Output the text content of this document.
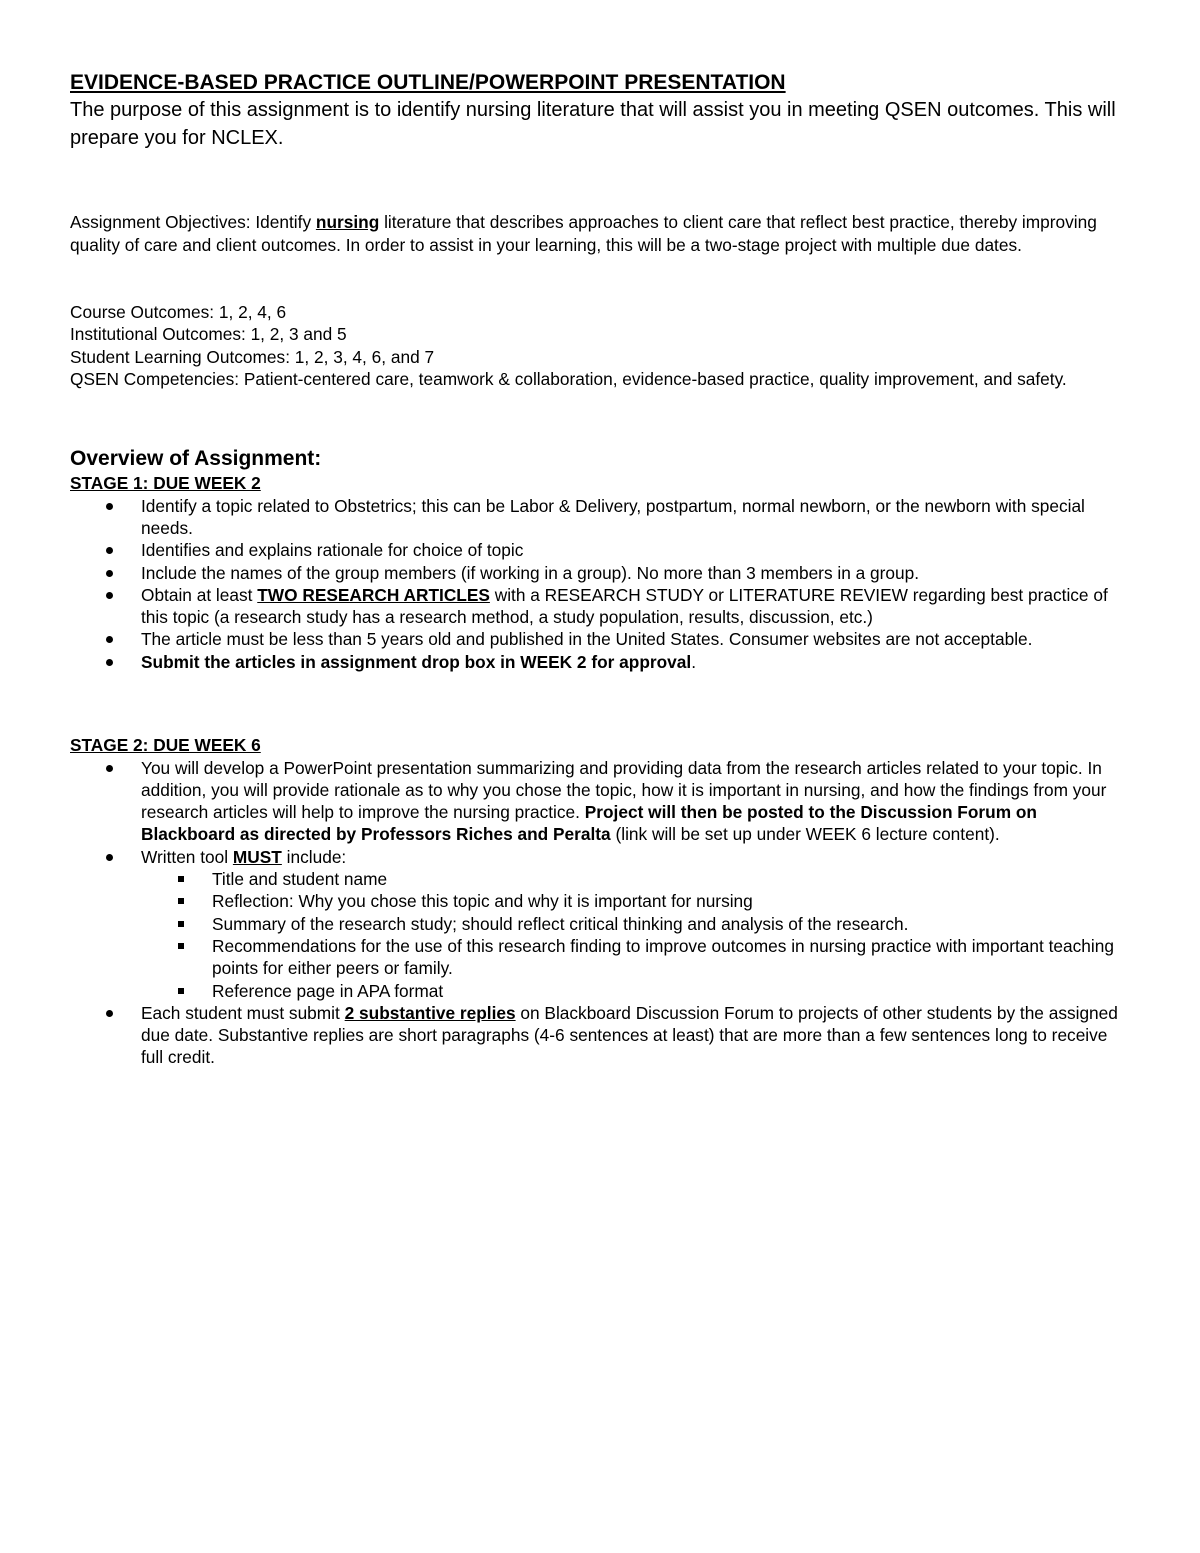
EVIDENCE-BASED PRACTICE OUTLINE/POWERPOINT PRESENTATION

The purpose of this assignment is to identify nursing literature that will assist you in meeting QSEN outcomes. This will prepare you for NCLEX.

Assignment Objectives: Identify nursing literature that describes approaches to client care that reflect best practice, thereby improving quality of care and client outcomes. In order to assist in your learning, this will be a two-stage project with multiple due dates.

Course Outcomes: 1, 2, 4, 6
Institutional Outcomes: 1, 2, 3 and 5
Student Learning Outcomes: 1, 2, 3, 4, 6, and 7
QSEN Competencies: Patient-centered care, teamwork & collaboration, evidence-based practice, quality improvement, and safety.
Overview of Assignment:
STAGE 1: DUE WEEK 2
Identify a topic related to Obstetrics; this can be Labor & Delivery, postpartum, normal newborn, or the newborn with special needs.
Identifies and explains rationale for choice of topic
Include the names of the group members (if working in a group). No more than 3 members in a group.
Obtain at least TWO RESEARCH ARTICLES with a RESEARCH STUDY or LITERATURE REVIEW regarding best practice of this topic (a research study has a research method, a study population, results, discussion, etc.)
The article must be less than 5 years old and published in the United States. Consumer websites are not acceptable.
Submit the articles in assignment drop box in WEEK 2 for approval.
STAGE 2: DUE WEEK 6
You will develop a PowerPoint presentation summarizing and providing data from the research articles related to your topic. In addition, you will provide rationale as to why you chose the topic, how it is important in nursing, and how the findings from your research articles will help to improve the nursing practice. Project will then be posted to the Discussion Forum on Blackboard as directed by Professors Riches and Peralta (link will be set up under WEEK 6 lecture content).
Written tool MUST include:
Title and student name
Reflection: Why you chose this topic and why it is important for nursing
Summary of the research study; should reflect critical thinking and analysis of the research.
Recommendations for the use of this research finding to improve outcomes in nursing practice with important teaching points for either peers or family.
Reference page in APA format
Each student must submit 2 substantive replies on Blackboard Discussion Forum to projects of other students by the assigned due date. Substantive replies are short paragraphs (4-6 sentences at least) that are more than a few sentences long to receive full credit.
